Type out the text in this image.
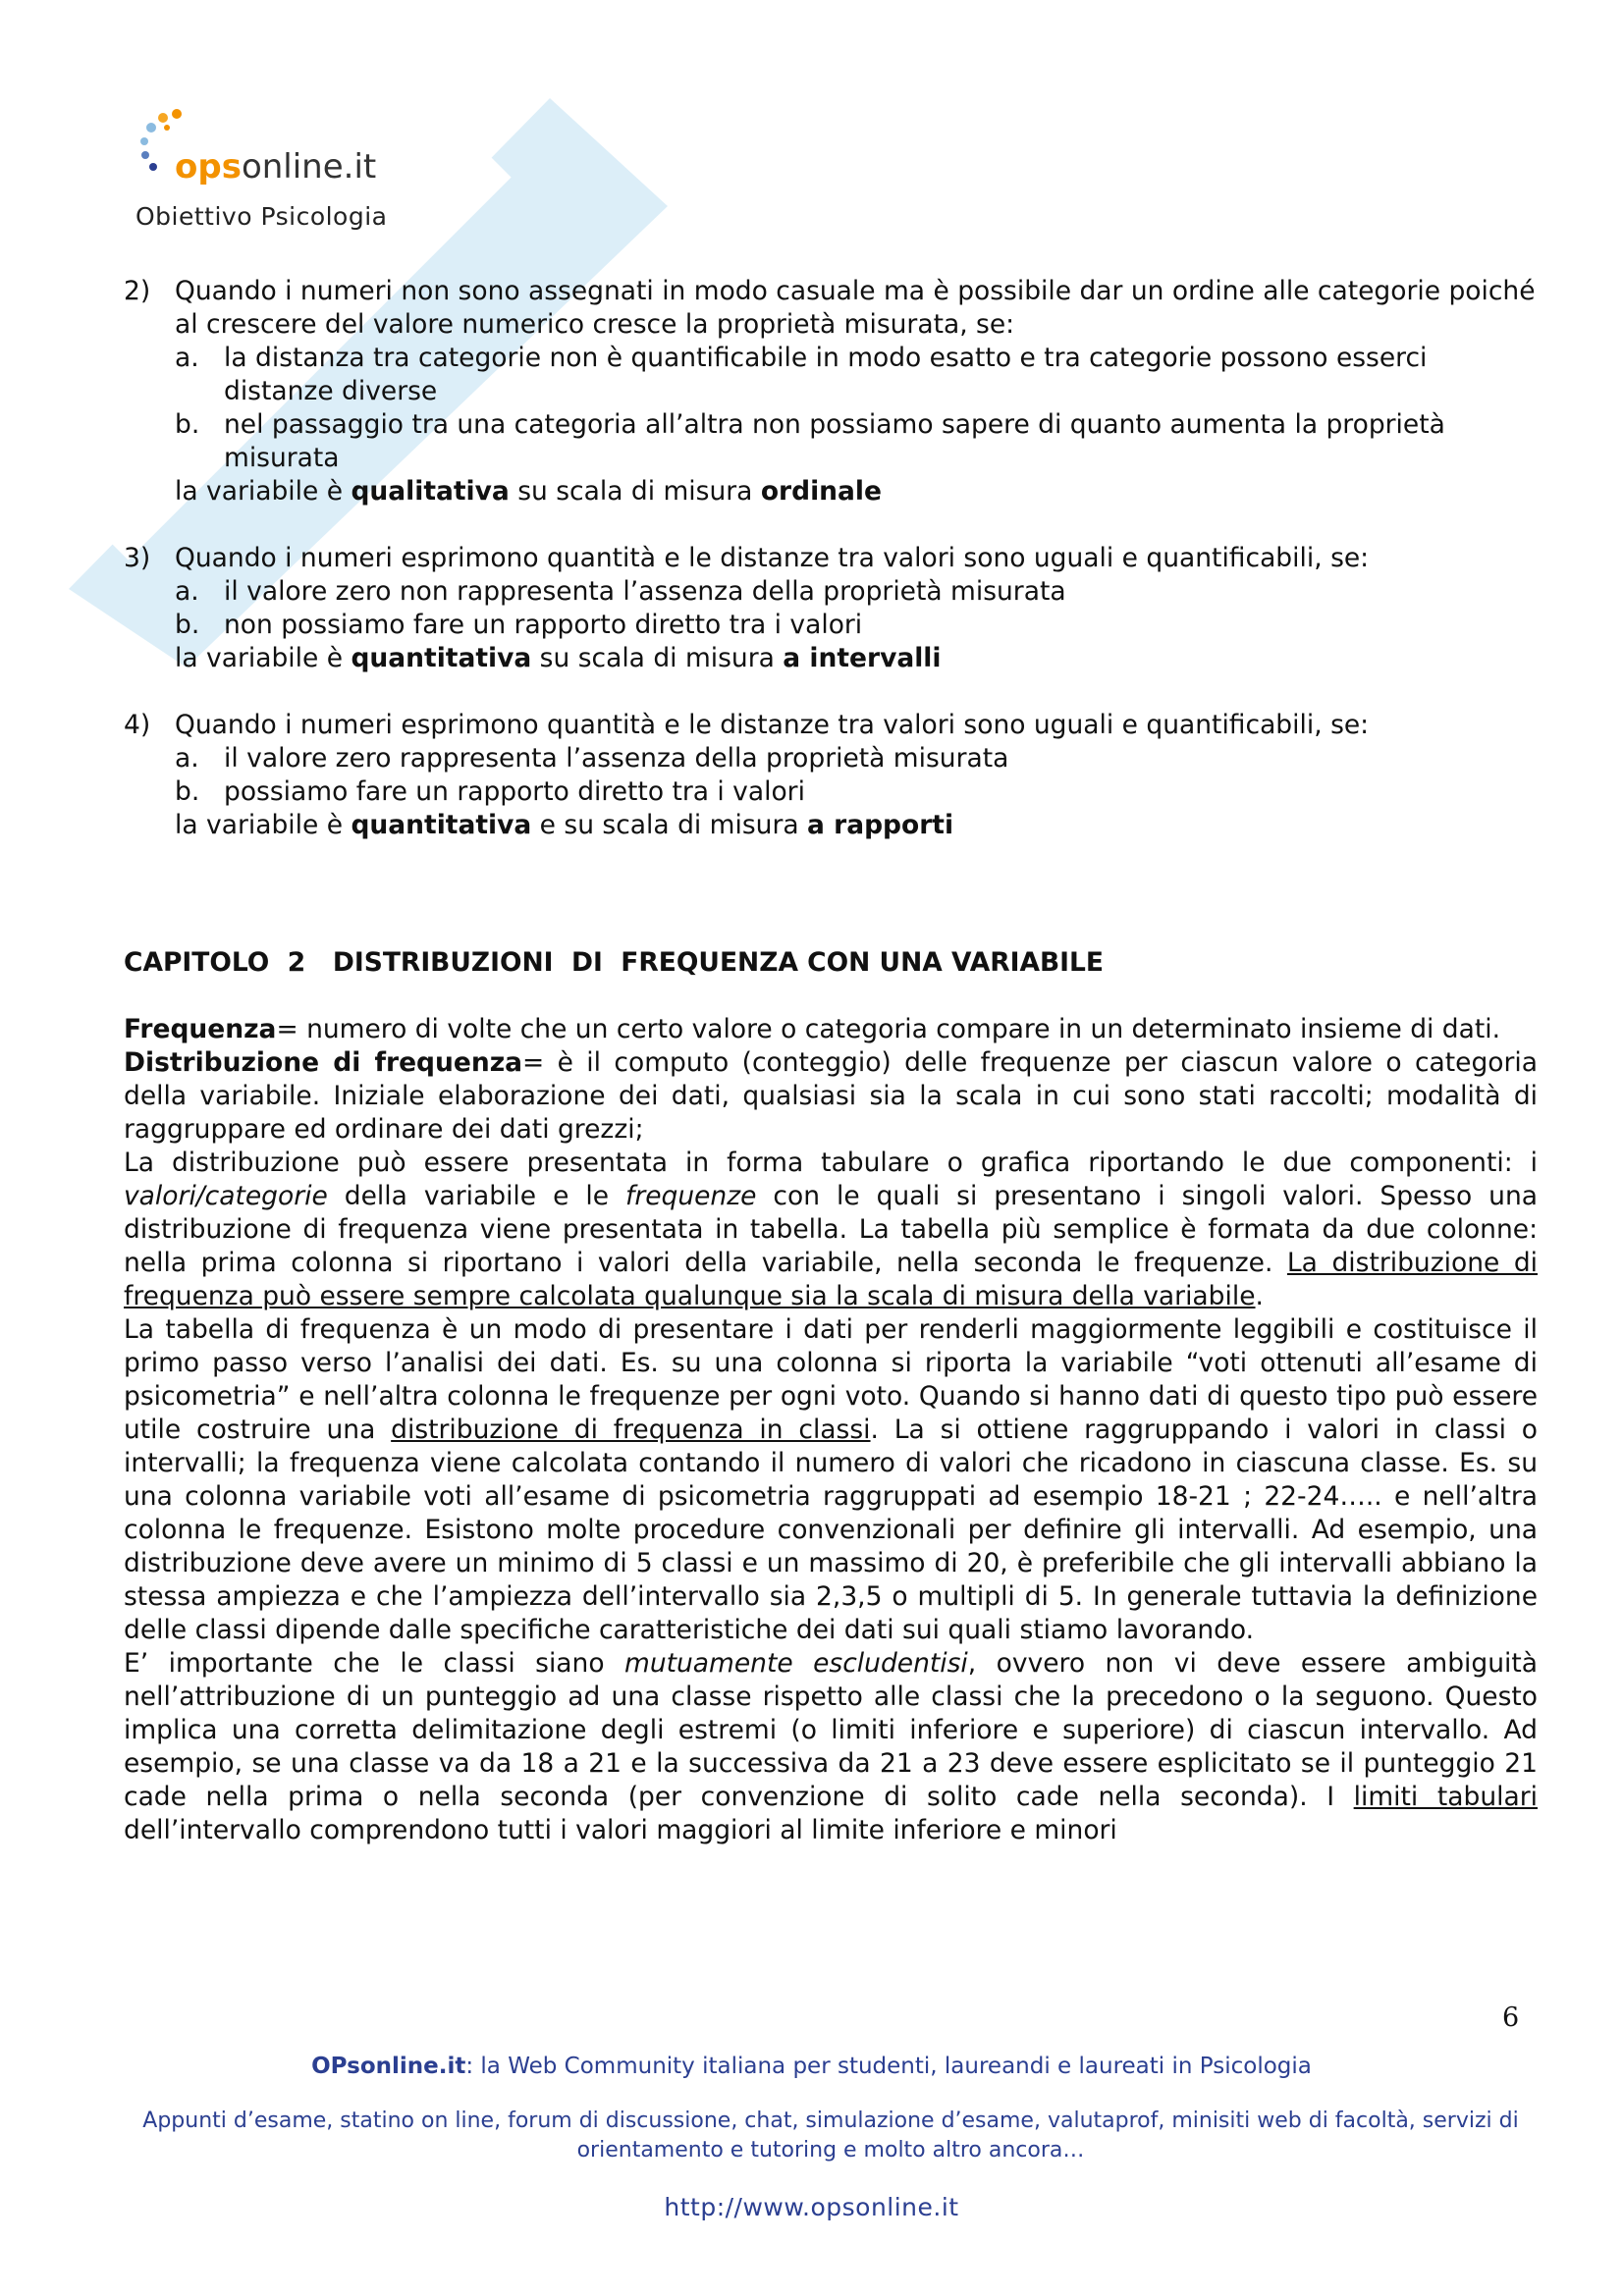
opsonline.it
Obiettivo Psicologia
2) Quando i numeri non sono assegnati in modo casuale ma è possibile dar un ordine alle categorie poiché al crescere del valore numerico cresce la proprietà misurata, se:
a. la distanza tra categorie non è quantificabile in modo esatto e tra categorie possono esserci distanze diverse
b. nel passaggio tra una categoria all’altra non possiamo sapere di quanto aumenta la proprietà misurata
la variabile è qualitativa su scala di misura ordinale
3) Quando i numeri esprimono quantità e le distanze tra valori sono uguali e quantificabili, se:
a. il valore zero non rappresenta l’assenza della proprietà misurata
b. non possiamo fare un rapporto diretto tra i valori
la variabile è quantitativa su scala di misura a intervalli
4) Quando i numeri esprimono quantità e le distanze tra valori sono uguali e quantificabili, se:
a. il valore zero rappresenta l’assenza della proprietà misurata
b. possiamo fare un rapporto diretto tra i valori
la variabile è quantitativa e su scala di misura a rapporti
CAPITOLO  2 DISTRIBUZIONI  DI  FREQUENZA CON UNA VARIABILE
Frequenza= numero di volte che un certo valore o categoria compare in un determinato insieme di dati.
Distribuzione di frequenza= è il computo (conteggio) delle frequenze per ciascun valore o categoria della variabile. Iniziale elaborazione dei dati, qualsiasi sia la scala in cui sono stati raccolti; modalità di raggruppare ed ordinare dei dati grezzi;
La distribuzione può essere presentata in forma tabulare o grafica riportando le due componenti: i valori/categorie della variabile e le frequenze con le quali si presentano i singoli valori. Spesso una distribuzione di frequenza viene presentata in tabella. La tabella più semplice è formata da due colonne: nella prima colonna si riportano i valori della variabile, nella seconda le frequenze. La distribuzione di frequenza può essere sempre calcolata qualunque sia la scala di misura della variabile.
La tabella di frequenza è un modo di presentare i dati per renderli maggiormente leggibili e costituisce il primo passo verso l’analisi dei dati. Es. su una colonna si riporta la variabile “voti ottenuti all’esame di psicometria” e nell’altra colonna le frequenze per ogni voto. Quando si hanno dati di questo tipo può essere utile costruire una distribuzione di frequenza in classi. La si ottiene raggruppando i valori in classi o intervalli; la frequenza viene calcolata contando il numero di valori che ricadono in ciascuna classe. Es. su una colonna variabile voti all’esame di psicometria raggruppati ad esempio 18-21 ; 22-24….. e nell’altra colonna le frequenze. Esistono molte procedure convenzionali per definire gli intervalli. Ad esempio, una distribuzione deve avere un minimo di 5 classi e un massimo di 20, è preferibile che gli intervalli abbiano la stessa ampiezza e che l’ampiezza dell’intervallo sia 2,3,5 o multipli di 5. In generale tuttavia la definizione delle classi dipende dalle specifiche caratteristiche dei dati sui quali stiamo lavorando.
E’ importante che le classi siano mutuamente escludentisi, ovvero non vi deve essere ambiguità nell’attribuzione di un punteggio ad una classe rispetto alle classi che la precedono o la seguono. Questo implica una corretta delimitazione degli estremi (o limiti inferiore e superiore) di ciascun intervallo. Ad esempio, se una classe va da 18 a 21 e la successiva da 21 a 23 deve essere esplicitato se il punteggio 21 cade nella prima o nella seconda (per convenzione di solito cade nella seconda). I limiti tabulari dell’intervallo comprendono tutti i valori maggiori al limite inferiore e minori
6
OPsonline.it: la Web Community italiana per studenti, laureandi e laureati in Psicologia
Appunti d’esame, statino on line, forum di discussione, chat, simulazione d’esame, valutaprof, minisiti web di facoltà, servizi di orientamento e tutoring e molto altro ancora…
http://www.opsonline.it
